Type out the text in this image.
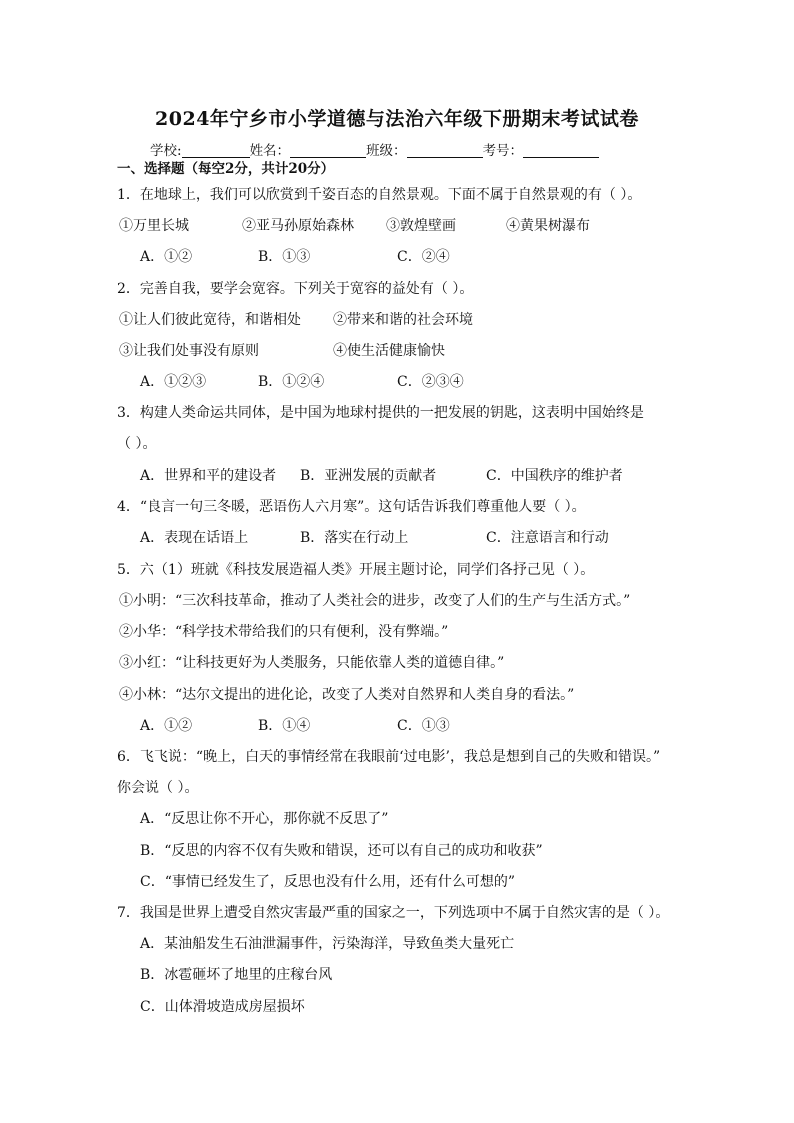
2024年宁乡市小学道德与法治六年级下册期末考试试卷
学校:	姓名：	班级：	考号：
一、选择题（每空2分，共计20分）
1．在地球上，我们可以欣赏到千姿百态的自然景观。下面不属于自然景观的有（ ）。
①万里长城	②亚马孙原始森林 ③敦煌壁画	④黄果树瀑布
A．①②	B．①③	C．②④
2．完善自我，要学会宽容。下列关于宽容的益处有（ ）。
①让人们彼此宽待，和谐相处 ②带来和谐的社会环境
③让我们处事没有原则	④使生活健康愉快
A．①②③	B．①②④	C．②③④
3．构建人类命运共同体，是中国为地球村提供的一把发展的钥匙，这表明中国始终是
（ ）。
A．世界和平的建设者 B．亚洲发展的贡献者	C．中国秩序的维护者
4．“良言一句三冬暖，恶语伤人六月寒”。这句话告诉我们尊重他人要（ ）。
A．表现在话语上	B．落实在行动上	C．注意语言和行动
5．六（1）班就《科技发展造福人类》开展主题讨论，同学们各抒己见（ ）。
①小明：“三次科技革命，推动了人类社会的进步，改变了人们的生产与生活方式。”
②小华：“科学技术带给我们的只有便利，没有弊端。”
③小红：“让科技更好为人类服务，只能依靠人类的道德自律。”
④小林：“达尔文提出的进化论，改变了人类对自然界和人类自身的看法。”
A．①②	B．①④	C．①③
6．飞飞说：“晚上，白天的事情经常在我眼前‘过电影’，我总是想到自己的失败和错误。”
你会说（ ）。
A．“反思让你不开心，那你就不反思了”
B．“反思的内容不仅有失败和错误，还可以有自己的成功和收获”
C．“事情已经发生了，反思也没有什么用，还有什么可想的”
7．我国是世界上遭受自然灾害最严重的国家之一，下列选项中不属于自然灾害的是（ ）。
A．某油船发生石油泄漏事件，污染海洋，导致鱼类大量死亡
B．冰雹砸坏了地里的庄稼台风
C．山体滑坡造成房屋损坏
